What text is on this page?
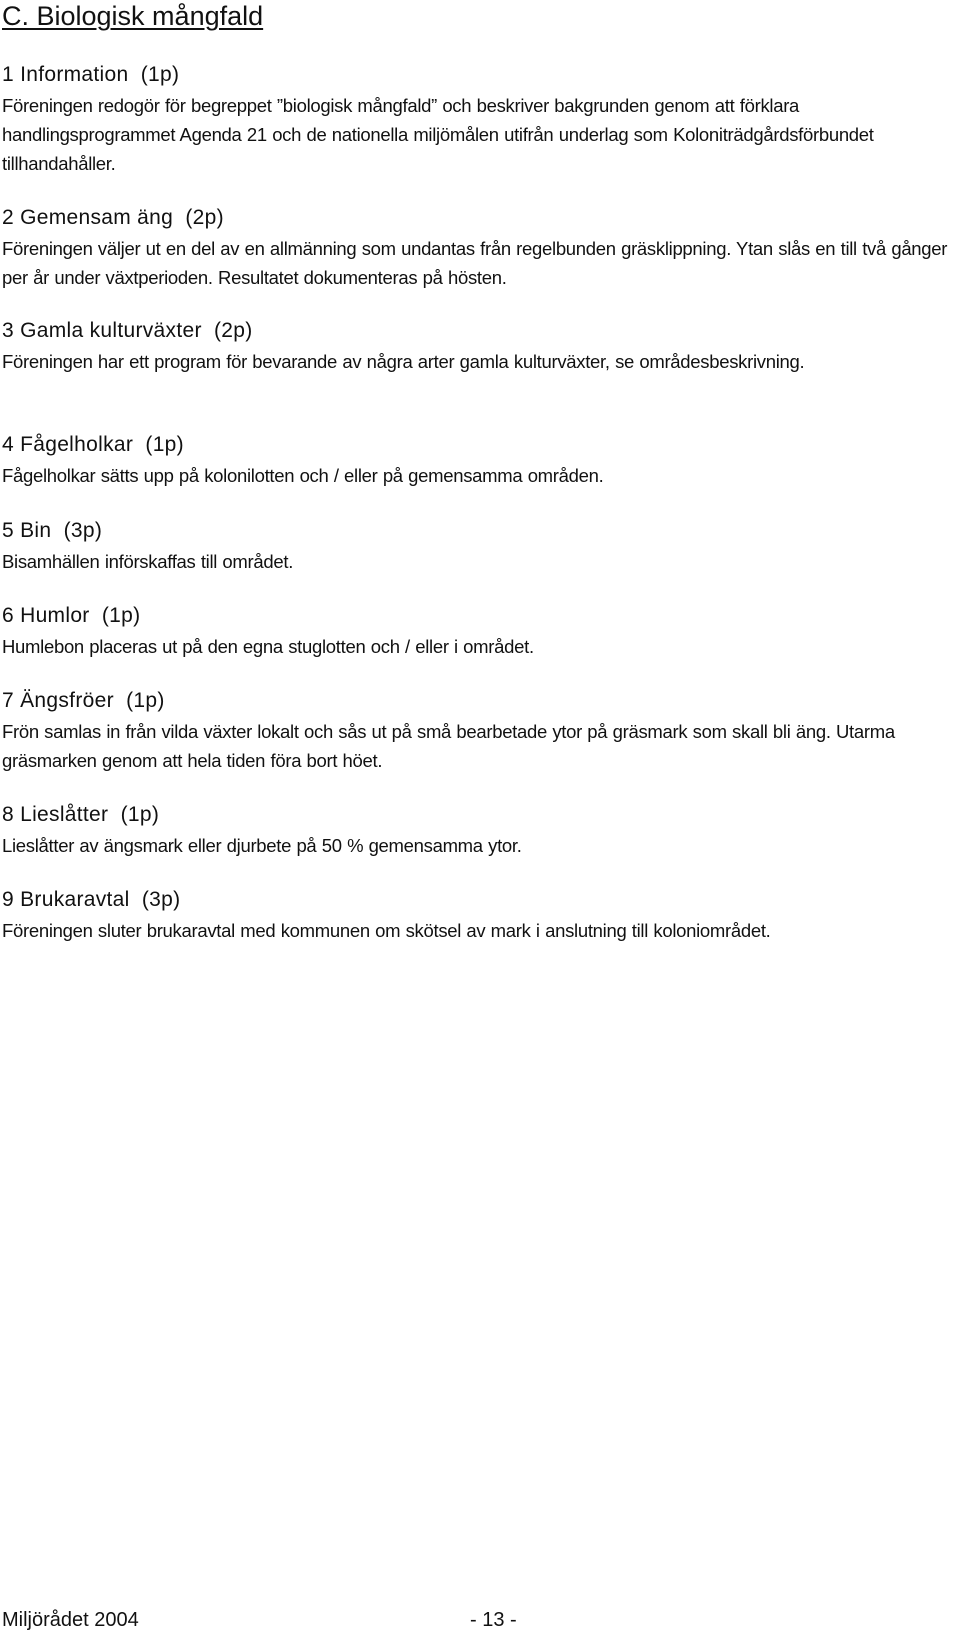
C. Biologisk mångfald
1 Information  (1p)

Föreningen redogör för begreppet ”biologisk mångfald” och beskriver bakgrunden genom att förklara handlingsprogrammet Agenda 21 och de nationella miljömålen utifrån underlag som Koloniträdgårdsförbundet tillhandahåller.

2 Gemensam äng  (2p)

Föreningen väljer ut en del av en allmänning som undantas från regelbunden gräsklippning. Ytan slås en till två gånger per år under växtperioden. Resultatet dokumenteras på hösten.

3 Gamla kulturväxter  (2p)

Föreningen har ett program för bevarande av några arter gamla kulturväxter, se områdesbeskrivning.

4 Fågelholkar  (1p)

Fågelholkar sätts upp på kolonilotten och / eller på gemensamma områden.

5 Bin  (3p)

Bisamhällen införskaffas till området.

6 Humlor  (1p)

Humlebon placeras ut på den egna stuglotten och / eller i området.

7 Ängsfröer  (1p)

Frön samlas in från vilda växter lokalt och sås ut på små bearbetade ytor på gräsmark som skall bli äng. Utarma gräsmarken genom att hela tiden föra bort höet.

8 Lieslåtter  (1p)

Lieslåtter av ängsmark eller djurbete på 50 % gemensamma ytor.

9 Brukaravtal  (3p)

Föreningen sluter brukaravtal med kommunen om skötsel av mark i anslutning till koloniområdet.

Miljörådet 2004	- 13 -
